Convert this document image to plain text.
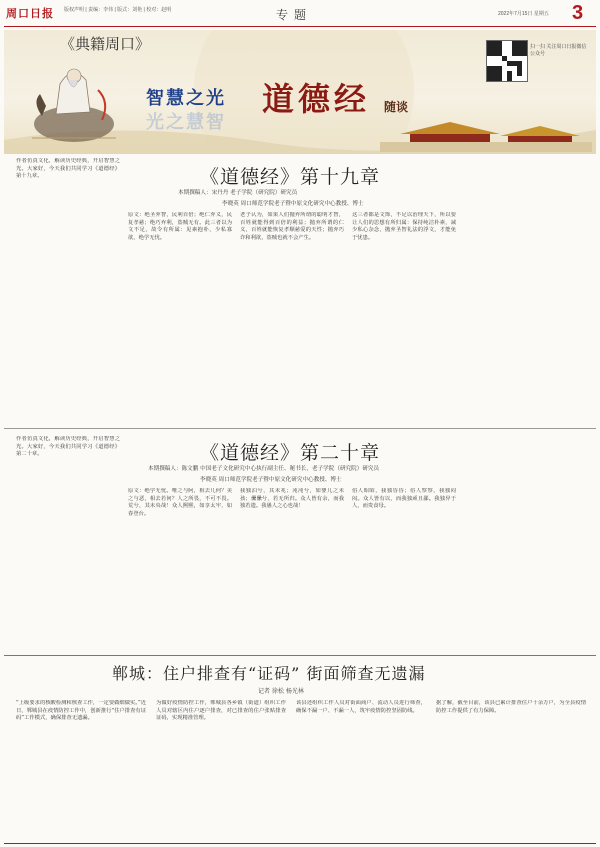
周口日报 版权声明 | 责编：李伟 | 版式：刘艳 | 校对：赵明	专题	2022年7月15日 星期五 3
《典籍周口》
智慧之光
光之慧智
道德经 随谈
扫一扫 关注周口日报微信公众号
《道德经》第十九章
本期撰稿人：宋丹丹 老子学院（研究院）研究员
李晓英 周口师范学院老子暨中原文化研究中心教授、博士
作者仿真文化，解读历史经典，开启智慧之光。大家好，今天我们共同学习《道德经》第十九章。
原文：绝圣弃智，民利百倍；绝仁弃义，民复孝慈；绝巧弃利，盗贼无有。此三者以为文不足，故令有所属：见素抱朴，少私寡欲，绝学无忧。
老子认为，如果人们抛弃所谓的聪明才智，百姓就能得到百倍的利益；抛弃所谓的仁义，百姓就能恢复孝顺慈爱的天性；抛弃巧诈和利欲，盗贼也就不会产生。
这三者都是文饰，不足以治理天下，所以要让人们的思想有所归属：保持纯洁朴素，减少私心杂念，抛弃圣智礼法的浮文，才能免于忧患。
《道德经》第二十章
本期撰稿人：陈文鹏 中国老子文化研究中心执行副主任、秘书长，老子学院（研究院）研究员
李晓英 周口师范学院老子暨中原文化研究中心教授、博士
作者仿真文化，解读历史经典，开启智慧之光。大家好，今天我们共同学习《道德经》第二十章。
原文：绝学无忧。唯之与阿，相去几何？美之与恶，相去若何？人之所畏，不可不畏。荒兮，其未央哉！众人熙熙，如享太牢，如春登台。
我独泊兮，其未兆；沌沌兮，如婴儿之未孩；儽儽兮，若无所归。众人皆有余，而我独若遗。我愚人之心也哉！
俗人昭昭，我独昏昏；俗人察察，我独闷闷。众人皆有以，而我独顽且鄙。我独异于人，而贵食母。
郸城：住户排查有“证码” 街面筛查无遗漏
记者 徐松 杨光林
“上级要求的核酸检测和核查工作，一定要做细做实。”近日，郸城县在疫情防控工作中，创新推行“住户排查有证码”工作模式，确保排查无遗漏。
为做好疫情防控工作，郸城县各乡镇（街道）组织工作人员对辖区内住户逐户排查，对已排查的住户张贴排查证码，实现精准管理。
该县还组织工作人员对街面商户、流动人员进行筛查，确保不漏一户、不漏一人，筑牢疫情防控坚固防线。
据了解，截至目前，该县已累计排查住户十余万户，为全县疫情防控工作提供了有力保障。
